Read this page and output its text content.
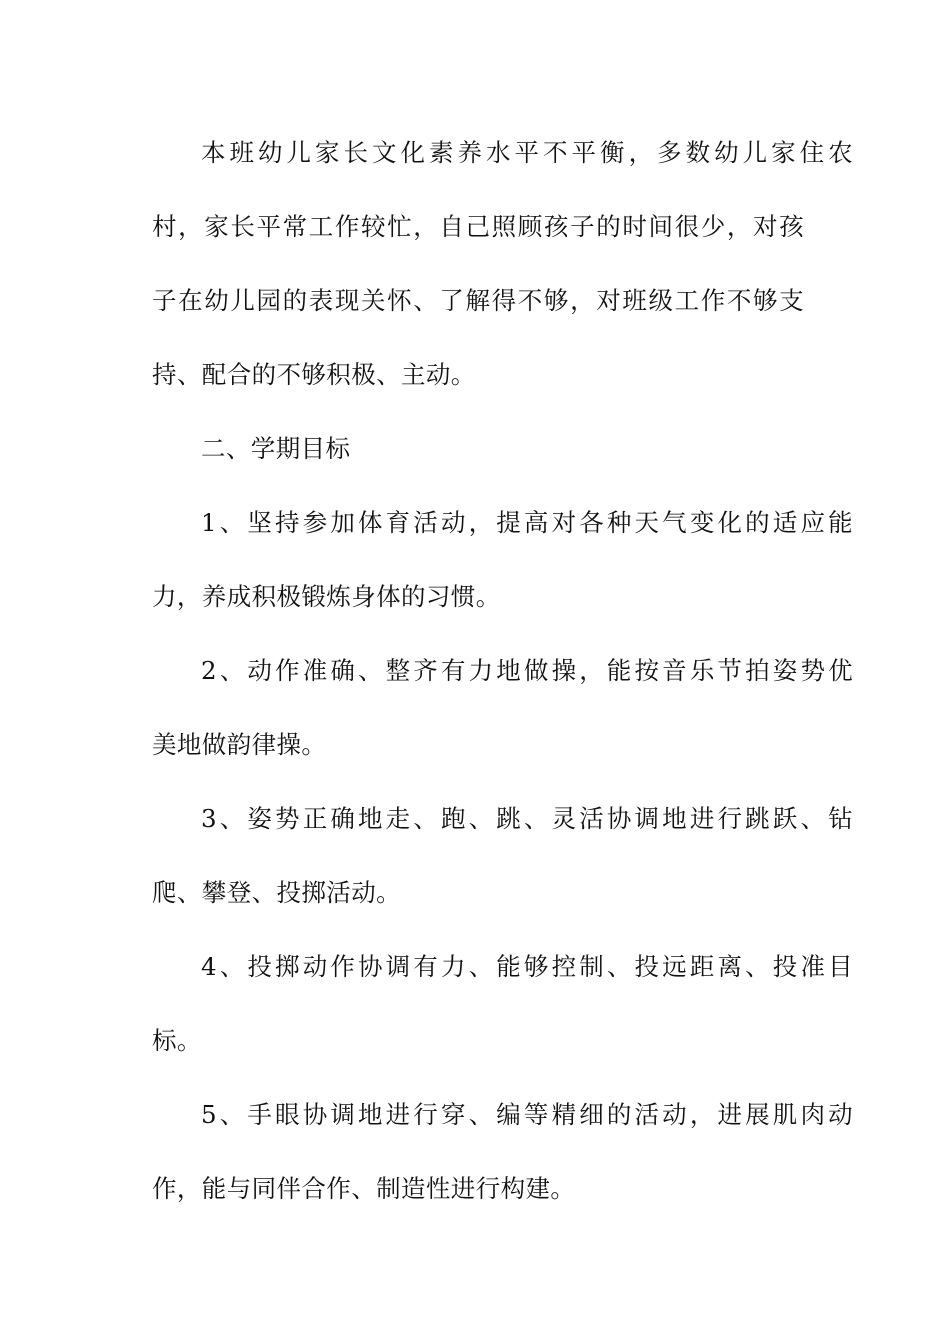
本班幼儿家长文化素养水平不平衡，多数幼儿家住农
村，家长平常工作较忙，自己照顾孩子的时间很少，对孩
子在幼儿园的表现关怀、了解得不够，对班级工作不够支
持、配合的不够积极、主动。
二、学期目标
1、坚持参加体育活动，提高对各种天气变化的适应能
力，养成积极锻炼身体的习惯。
2、动作准确、整齐有力地做操，能按音乐节拍姿势优
美地做韵律操。
3、姿势正确地走、跑、跳、灵活协调地进行跳跃、钻
爬、攀登、投掷活动。
4、投掷动作协调有力、能够控制、投远距离、投准目
标。
5、手眼协调地进行穿、编等精细的活动，进展肌肉动
作，能与同伴合作、制造性进行构建。
